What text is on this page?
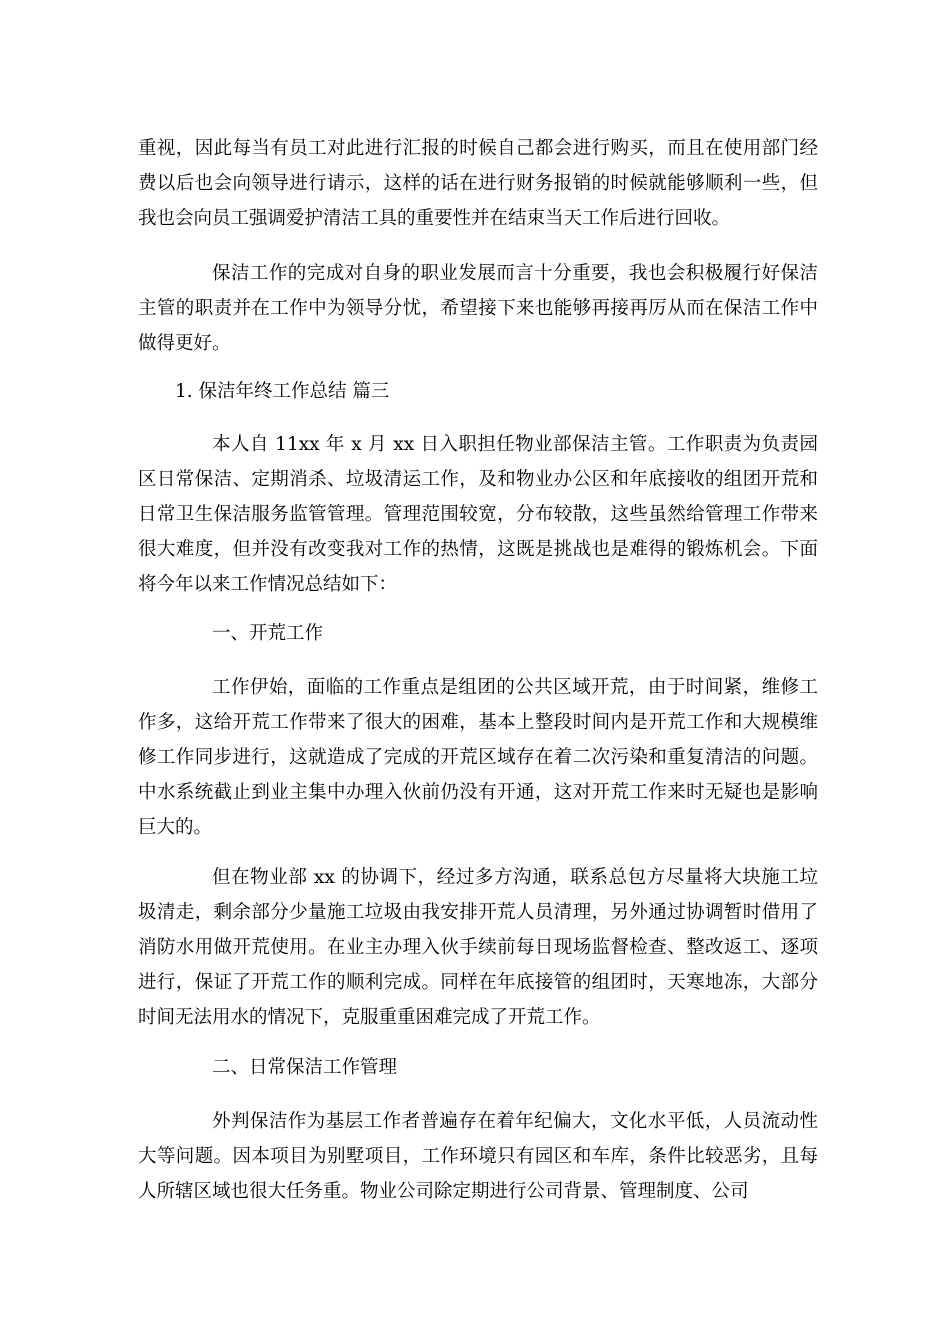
重视，因此每当有员工对此进行汇报的时候自己都会进行购买，而且在使用部门经费以后也会向领导进行请示，这样的话在进行财务报销的时候就能够顺利一些，但我也会向员工强调爱护清洁工具的重要性并在结束当天工作后进行回收。

保洁工作的完成对自身的职业发展而言十分重要，我也会积极履行好保洁主管的职责并在工作中为领导分忧，希望接下来也能够再接再厉从而在保洁工作中做得更好。

1. 保洁年终工作总结 篇三

本人自 11xx 年 x 月 xx 日入职担任物业部保洁主管。工作职责为负责园区日常保洁、定期消杀、垃圾清运工作，及和物业办公区和年底接收的组团开荒和日常卫生保洁服务监管管理。管理范围较宽，分布较散，这些虽然给管理工作带来很大难度，但并没有改变我对工作的热情，这既是挑战也是难得的锻炼机会。下面将今年以来工作情况总结如下：

一、开荒工作

工作伊始，面临的工作重点是组团的公共区域开荒，由于时间紧，维修工作多，这给开荒工作带来了很大的困难，基本上整段时间内是开荒工作和大规模维修工作同步进行，这就造成了完成的开荒区域存在着二次污染和重复清洁的问题。中水系统截止到业主集中办理入伙前仍没有开通，这对开荒工作来时无疑也是影响巨大的。

但在物业部 xx 的协调下，经过多方沟通，联系总包方尽量将大块施工垃圾清走，剩余部分少量施工垃圾由我安排开荒人员清理，另外通过协调暂时借用了消防水用做开荒使用。在业主办理入伙手续前每日现场监督检查、整改返工、逐项进行，保证了开荒工作的顺利完成。同样在年底接管的组团时，天寒地冻，大部分时间无法用水的情况下，克服重重困难完成了开荒工作。

二、日常保洁工作管理

外判保洁作为基层工作者普遍存在着年纪偏大，文化水平低，人员流动性大等问题。因本项目为别墅项目，工作环境只有园区和车库，条件比较恶劣，且每人所辖区域也很大任务重。物业公司除定期进行公司背景、管理制度、公司
